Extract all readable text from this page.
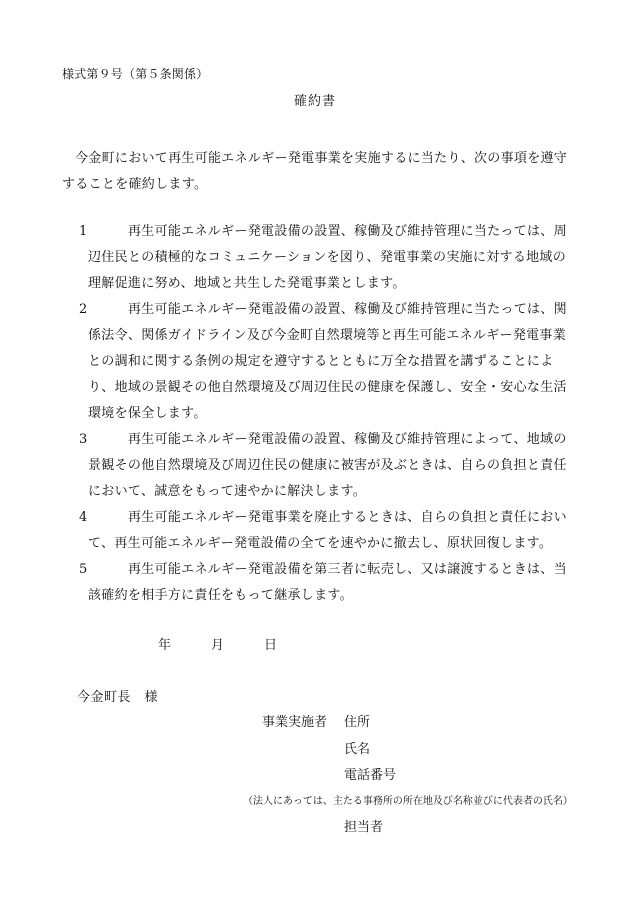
様式第９号（第５条関係）
確約書
今金町において再生可能エネルギー発電事業を実施するに当たり、次の事項を遵守することを確約します。
1	再生可能エネルギー発電設備の設置、稼働及び維持管理に当たっては、周辺住民との積極的なコミュニケーションを図り、発電事業の実施に対する地域の理解促進に努め、地域と共生した発電事業とします。
2	再生可能エネルギー発電設備の設置、稼働及び維持管理に当たっては、関係法令、関係ガイドライン及び今金町自然環境等と再生可能エネルギー発電事業との調和に関する条例の規定を遵守するとともに万全な措置を講ずることにより、地域の景観その他自然環境及び周辺住民の健康を保護し、安全・安心な生活環境を保全します。
3	再生可能エネルギー発電設備の設置、稼働及び維持管理によって、地域の景観その他自然環境及び周辺住民の健康に被害が及ぶときは、自らの負担と責任において、誠意をもって速やかに解決します。
4	再生可能エネルギー発電事業を廃止するときは、自らの負担と責任において、再生可能エネルギー発電設備の全てを速やかに撤去し、原状回復します。
5	再生可能エネルギー発電設備を第三者に転売し、又は譲渡するときは、当該確約を相手方に責任をもって継承します。
年	月	日
今金町長　様
事業実施者 住所
氏名
電話番号
（法人にあっては、主たる事務所の所在地及び名称並びに代表者の氏名）
担当者
